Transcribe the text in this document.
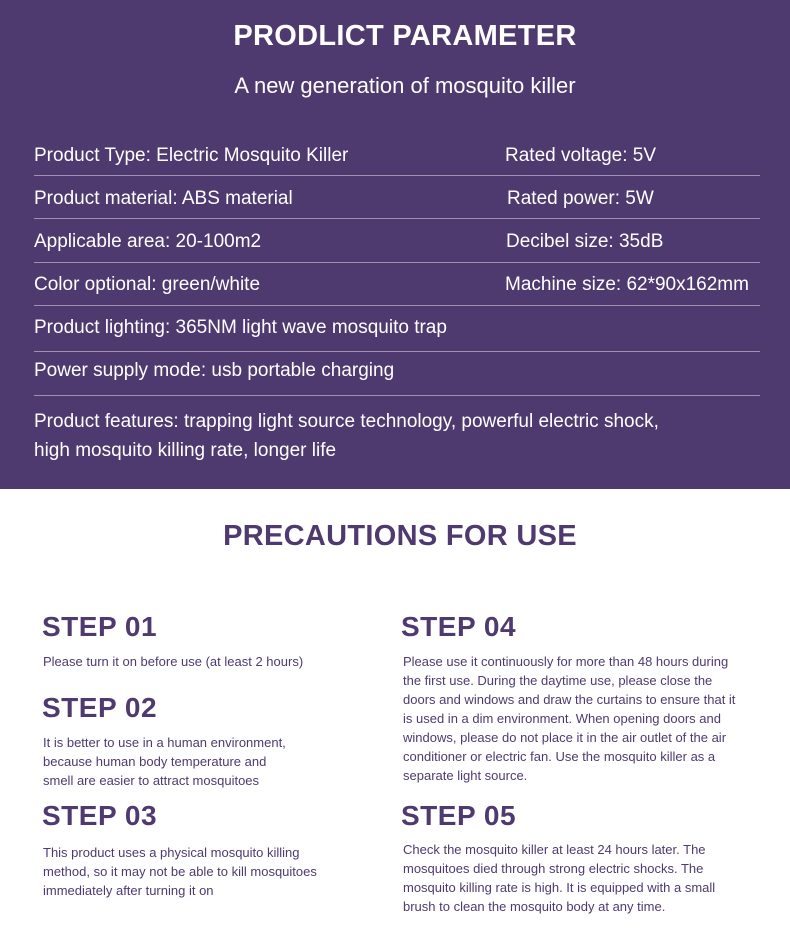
PRODLICT PARAMETER
A new generation of mosquito killer
Product Type: Electric Mosquito Killer	Rated voltage: 5V
Product material: ABS material	Rated power: 5W
Applicable area: 20-100m2	Decibel size: 35dB
Color optional: green/white	Machine size: 62*90x162mm
Product lighting: 365NM light wave mosquito trap
Power supply mode: usb portable charging
Product features: trapping light source technology, powerful electric shock,
high mosquito killing rate, longer life
PRECAUTIONS FOR USE
STEP 01
Please turn it on before use (at least 2 hours)
STEP 02
It is better to use in a human environment,
because human body temperature and
smell are easier to attract mosquitoes
STEP 03
This product uses a physical mosquito killing
method, so it may not be able to kill mosquitoes
immediately after turning it on
STEP 04
Please use it continuously for more than 48 hours during
the first use. During the daytime use, please close the
doors and windows and draw the curtains to ensure that it
is used in a dim environment. When opening doors and
windows, please do not place it in the air outlet of the air
conditioner or electric fan. Use the mosquito killer as a
separate light source.
STEP 05
Check the mosquito killer at least 24 hours later. The
mosquitoes died through strong electric shocks. The
mosquito killing rate is high. It is equipped with a small
brush to clean the mosquito body at any time.
